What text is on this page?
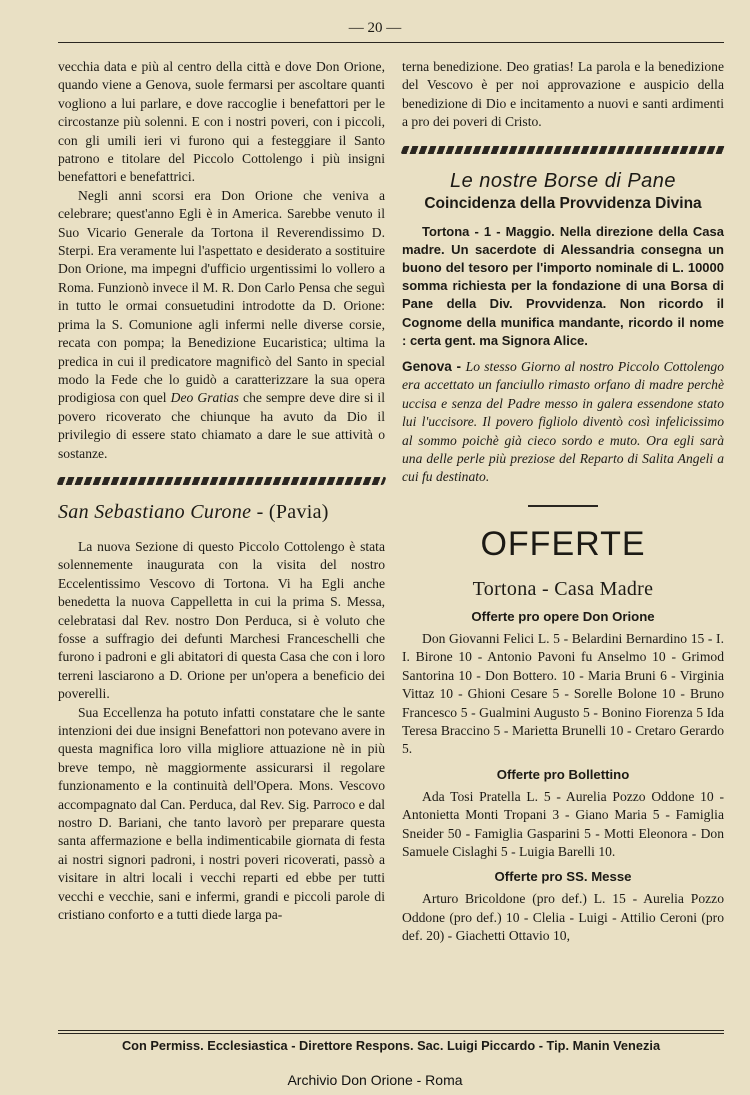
— 20 —

vecchia data e più al centro della città e dove Don Orione, quando viene a Genova, suole fermarsi per ascoltare quanti vogliono a lui parlare, e dove raccoglie i benefattori per le circostanze più solenni. E con i nostri poveri, con i piccoli, con gli umili ieri vi furono qui a festeggiare il Santo patrono e titolare del Piccolo Cottolengo i più insigni benefattori e benefattrici.

Negli anni scorsi era Don Orione che veniva a celebrare; quest'anno Egli è in America. Sarebbe venuto il Suo Vicario Generale da Tortona il Reverendissimo D. Sterpi. Era veramente lui l'aspettato e desiderato a sostituire Don Orione, ma impegni d'ufficio urgentissimi lo vollero a Roma. Funzionò invece il M. R. Don Carlo Pensa che seguì in tutto le ormai consuetudini introdotte da D. Orione: prima la S. Comunione agli infermi nelle diverse corsie, recata con pompa; la Benedizione Eucaristica; ultima la predica in cui il predicatore magnificò del Santo in special modo la Fede che lo guidò a caratterizzare la sua opera prodigiosa con quel Deo Gratias che sempre deve dire si il povero ricoverato che chiunque ha avuto da Dio il privilegio di essere stato chiamato a dare le sue attività o sostanze.

San Sebastiano Curone - (Pavia)

La nuova Sezione di questo Piccolo Cottolengo è stata solennemente inaugurata con la visita del nostro Eccelentissimo Vescovo di Tortona. Vi ha Egli anche benedetta la nuova Cappelletta in cui la prima S. Messa, celebratasi dal Rev. nostro Don Perduca, si è voluto che fosse a suffragio dei defunti Marchesi Franceschelli che furono i padroni e gli abitatori di questa Casa che con i loro terreni lasciarono a D. Orione per un'opera a beneficio dei poverelli.

Sua Eccellenza ha potuto infatti constatare che le sante intenzioni dei due insigni Benefattori non potevano avere in questa magnifica loro villa migliore attuazione nè in più breve tempo, nè maggiormente assicurarsi il regolare funzionamento e la continuità dell'Opera. Mons. Vescovo accompagnato dal Can. Perduca, dal Rev. Sig. Parroco e dal nostro D. Bariani, che tanto lavorò per preparare questa santa affermazione e bella indimenticabile giornata di festa ai nostri signori padroni, i nostri poveri ricoverati, passò a visitare in altri locali i vecchi reparti ed ebbe per tutti vecchi e vecchie, sani e infermi, grandi e piccoli parole di cristiano conforto e a tutti diede larga pa-

terna benedizione. Deo gratias! La parola e la benedizione del Vescovo è per noi approvazione e auspicio della benedizione di Dio e incitamento a nuovi e santi ardimenti a pro dei poveri di Cristo.

Le nostre Borse di Pane
Coincidenza della Provvidenza Divina

Tortona - 1 - Maggio. Nella direzione della Casa madre. Un sacerdote di Alessandria consegna un buono del tesoro per l'importo nominale di L. 10000 somma richiesta per la fondazione di una Borsa di Pane della Div. Provvidenza. Non ricordo il Cognome della munifica mandante, ricordo il nome : certa gent. ma Signora Alice.

Genova - Lo stesso Giorno al nostro Piccolo Cottolengo era accettato un fanciullo rimasto orfano di madre perchè uccisa e senza del Padre messo in galera essendone stato lui l'uccisore. Il povero figliolo diventò così infelicissimo al sommo poichè già cieco sordo e muto. Ora egli sarà una delle perle più preziose del Reparto di Salita Angeli a cui fu destinato.

OFFERTE
Tortona - Casa Madre
Offerte pro opere Don Orione

Don Giovanni Felici L. 5 - Belardini Bernardino 15 - I. I. Birone 10 - Antonio Pavoni fu Anselmo 10 - Grimod Santorina 10 - Don Bottero. 10 - Maria Bruni 6 - Virginia Vittaz 10 - Ghioni Cesare 5 - Sorelle Bolone 10 - Bruno Francesco 5 - Gualmini Augusto 5 - Bonino Fiorenza 5 Ida Teresa Braccino 5 - Marietta Brunelli 10 - Cretaro Gerardo 5.

Offerte pro Bollettino

Ada Tosi Pratella L. 5 - Aurelia Pozzo Oddone 10 - Antonietta Monti Tropani 3 - Giano Maria 5 - Famiglia Sneider 50 - Famiglia Gasparini 5 - Motti Eleonora - Don Samuele Cislaghi 5 - Luigia Barelli 10.

Offerte pro SS. Messe

Arturo Bricoldone (pro def.) L. 15 - Aurelia Pozzo Oddone (pro def.) 10 - Clelia - Luigi - Attilio Ceroni (pro def. 20) - Giachetti Ottavio 10,

Con Permiss. Ecclesiastica - Direttore Respons. Sac. Luigi Piccardo - Tip. Manin Venezia
Archivio Don Orione - Roma
